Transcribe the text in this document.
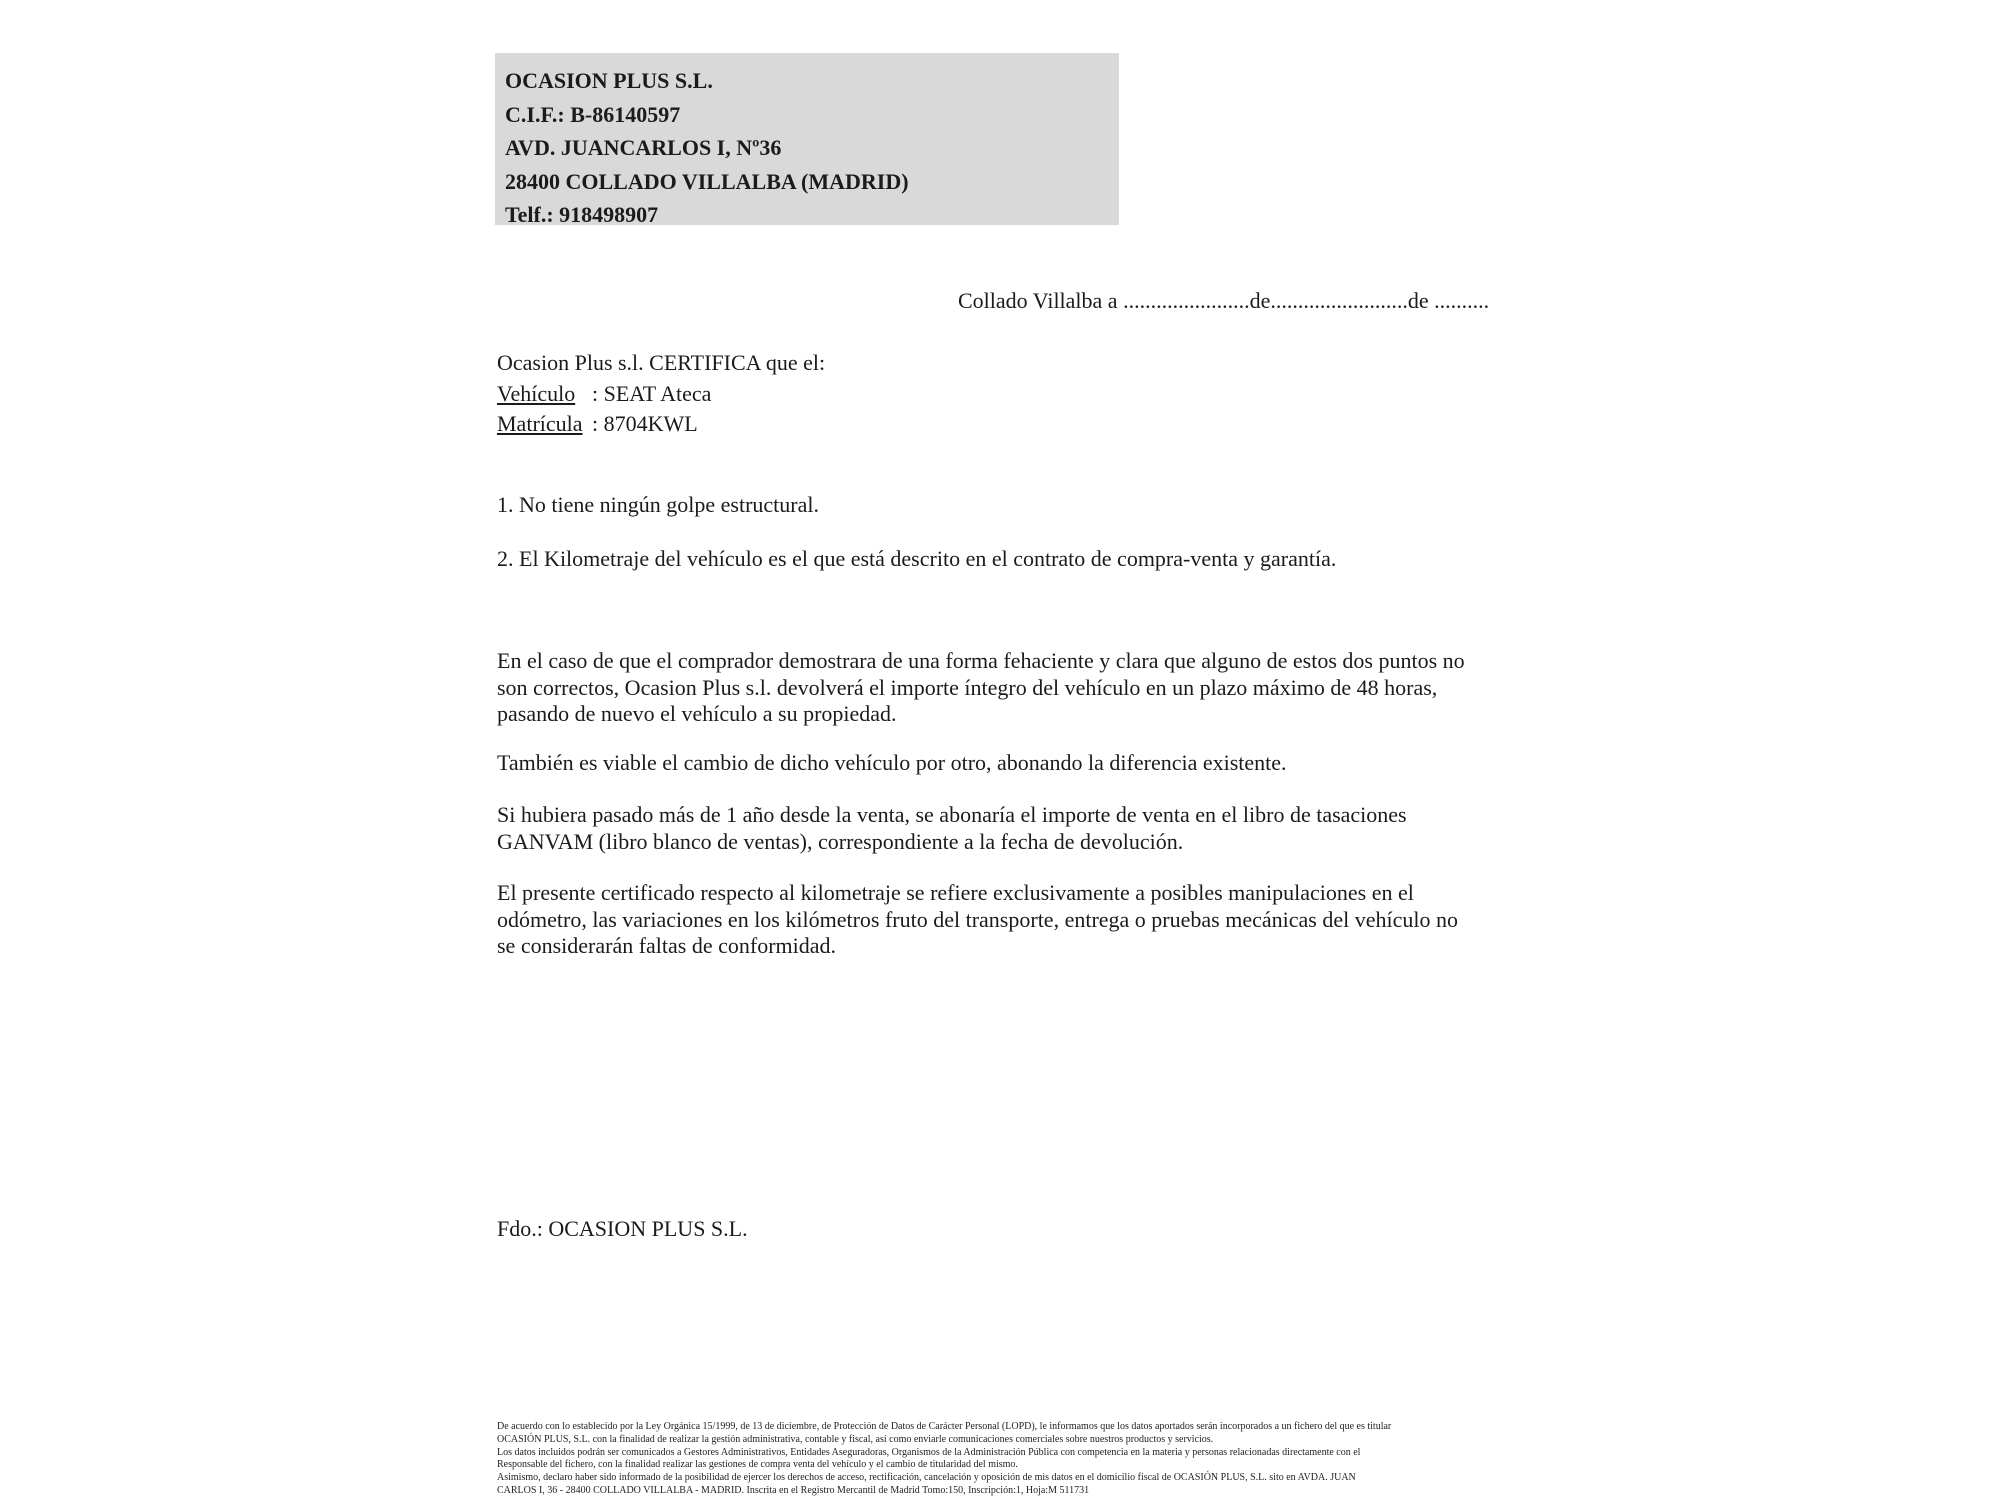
OCASION PLUS S.L.
C.I.F.: B-86140597
AVD. JUANCARLOS I, Nº36
28400 COLLADO VILLALBA (MADRID)
Telf.: 918498907
Collado Villalba a .......................de.........................de ..........
Ocasion Plus s.l. CERTIFICA que el:
Vehículo : SEAT Ateca
Matrícula : 8704KWL
1. No tiene ningún golpe estructural.
2. El Kilometraje del vehículo es el que está descrito en el contrato de compra-venta y garantía.
En el caso de que el comprador demostrara de una forma fehaciente y clara que alguno de estos dos puntos no
son correctos, Ocasion Plus s.l. devolverá el importe íntegro del vehículo en un plazo máximo de 48 horas,
pasando de nuevo el vehículo a su propiedad.
También es viable el cambio de dicho vehículo por otro, abonando la diferencia existente.
Si hubiera pasado más de 1 año desde la venta, se abonaría el importe de venta en el libro de tasaciones
GANVAM (libro blanco de ventas), correspondiente a la fecha de devolución.
El presente certificado respecto al kilometraje se refiere exclusivamente a posibles manipulaciones en el
odómetro, las variaciones en los kilómetros fruto del transporte, entrega o pruebas mecánicas del vehículo no
se considerarán faltas de conformidad.
Fdo.: OCASION PLUS S.L.
De acuerdo con lo establecido por la Ley Orgánica 15/1999, de 13 de diciembre, de Protección de Datos de Carácter Personal (LOPD), le informamos que los datos aportados serán incorporados a un fichero del que es titular
OCASIÓN PLUS, S.L. con la finalidad de realizar la gestión administrativa, contable y fiscal, así como enviarle comunicaciones comerciales sobre nuestros productos y servicios.
Los datos incluidos podrán ser comunicados a Gestores Administrativos, Entidades Aseguradoras, Organismos de la Administración Pública con competencia en la materia y personas relacionadas directamente con el
Responsable del fichero, con la finalidad realizar las gestiones de compra venta del vehículo y el cambio de titularidad del mismo.
Asimismo, declaro haber sido informado de la posibilidad de ejercer los derechos de acceso, rectificación, cancelación y oposición de mis datos en el domicilio fiscal de OCASIÓN PLUS, S.L. sito en AVDA. JUAN
CARLOS I, 36 - 28400 COLLADO VILLALBA - MADRID. Inscrita en el Registro Mercantil de Madrid Tomo:150, Inscripción:1, Hoja:M 511731
